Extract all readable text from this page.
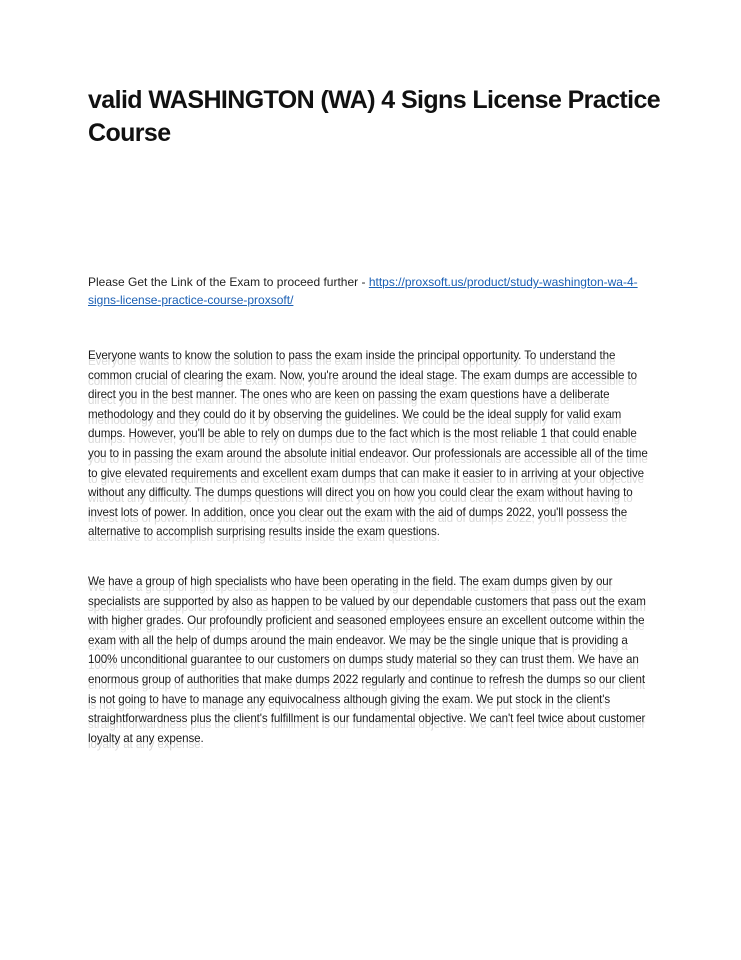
valid WASHINGTON (WA) 4 Signs License Practice Course

Please Get the Link of the Exam to proceed further - https://proxsoft.us/product/study-washington-wa-4-signs-license-practice-course-proxsoft/

Everyone wants to know the solution to pass the exam inside the principal opportunity. To understand the common crucial of clearing the exam. Now, you're around the ideal stage. The exam dumps are accessible to direct you in the best manner. The ones who are keen on passing the exam questions have a deliberate methodology and they could do it by observing the guidelines. We could be the ideal supply for valid exam dumps. However, you'll be able to rely on dumps due to the fact which is the most reliable 1 that could enable you to in passing the exam around the absolute initial endeavor. Our professionals are accessible all of the time to give elevated requirements and excellent exam dumps that can make it easier to in arriving at your objective without any difficulty. The dumps questions will direct you on how you could clear the exam without having to invest lots of power. In addition, once you clear out the exam with the aid of dumps 2022, you'll possess the alternative to accomplish surprising results inside the exam questions.

We have a group of high specialists who have been operating in the field. The exam dumps given by our specialists are supported by also as happen to be valued by our dependable customers that pass out the exam with higher grades. Our profoundly proficient and seasoned employees ensure an excellent outcome within the exam with all the help of dumps around the main endeavor. We may be the single unique that is providing a 100% unconditional guarantee to our customers on dumps study material so they can trust them. We have an enormous group of authorities that make dumps 2022 regularly and continue to refresh the dumps so our client is not going to have to manage any equivocalness although giving the exam. We put stock in the client's straightforwardness plus the client's fulfillment is our fundamental objective. We can't feel twice about customer loyalty at any expense.
